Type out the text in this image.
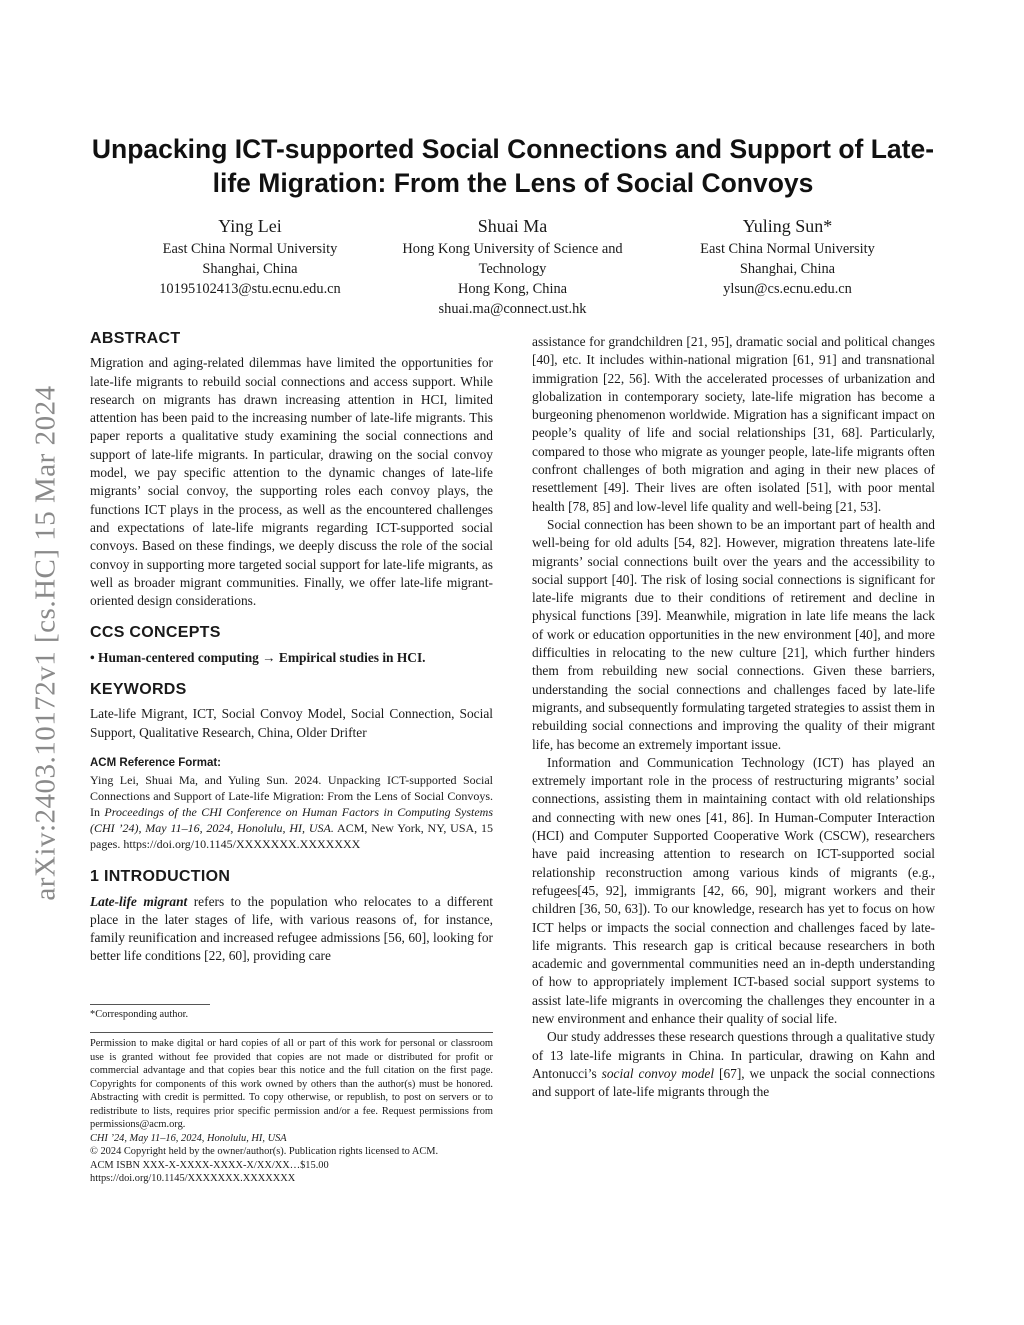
arXiv:2403.10172v1 [cs.HC] 15 Mar 2024
Unpacking ICT-supported Social Connections and Support of Late-life Migration: From the Lens of Social Convoys
Ying Lei
East China Normal University
Shanghai, China
10195102413@stu.ecnu.edu.cn
Shuai Ma
Hong Kong University of Science and
Technology
Hong Kong, China
shuai.ma@connect.ust.hk
Yuling Sun*
East China Normal University
Shanghai, China
ylsun@cs.ecnu.edu.cn
ABSTRACT

Migration and aging-related dilemmas have limited the opportunities for late-life migrants to rebuild social connections and access support. While research on migrants has drawn increasing attention in HCI, limited attention has been paid to the increasing number of late-life migrants. This paper reports a qualitative study examining the social connections and support of late-life migrants. In particular, drawing on the social convoy model, we pay specific attention to the dynamic changes of late-life migrants’ social convoy, the supporting roles each convoy plays, the functions ICT plays in the process, as well as the encountered challenges and expectations of late-life migrants regarding ICT-supported social convoys. Based on these findings, we deeply discuss the role of the social convoy in supporting more targeted social support for late-life migrants, as well as broader migrant communities. Finally, we offer late-life migrant-oriented design considerations.

CCS CONCEPTS

• Human-centered computing → Empirical studies in HCI.

KEYWORDS

Late-life Migrant, ICT, Social Convoy Model, Social Connection, Social Support, Qualitative Research, China, Older Drifter

ACM Reference Format:

Ying Lei, Shuai Ma, and Yuling Sun. 2024. Unpacking ICT-supported Social Connections and Support of Late-life Migration: From the Lens of Social Convoys. In Proceedings of the CHI Conference on Human Factors in Computing Systems (CHI ’24), May 11–16, 2024, Honolulu, HI, USA. ACM, New York, NY, USA, 15 pages. https://doi.org/10.1145/XXXXXXX.XXXXXXX

1 INTRODUCTION

Late-life migrant refers to the population who relocates to a different place in the later stages of life, with various reasons of, for instance, family reunification and increased refugee admissions [56, 60], looking for better life conditions [22, 60], providing care

*Corresponding author.

Permission to make digital or hard copies of all or part of this work for personal or classroom use is granted without fee provided that copies are not made or distributed for profit or commercial advantage and that copies bear this notice and the full citation on the first page. Copyrights for components of this work owned by others than the author(s) must be honored. Abstracting with credit is permitted. To copy otherwise, or republish, to post on servers or to redistribute to lists, requires prior specific permission and/or a fee. Request permissions from permissions@acm.org.

CHI ’24, May 11–16, 2024, Honolulu, HI, USA

© 2024 Copyright held by the owner/author(s). Publication rights licensed to ACM.

ACM ISBN XXX-X-XXXX-XXXX-X/XX/XX…$15.00

https://doi.org/10.1145/XXXXXXX.XXXXXXX

assistance for grandchildren [21, 95], dramatic social and political changes [40], etc. It includes within-national migration [61, 91] and transnational immigration [22, 56]. With the accelerated processes of urbanization and globalization in contemporary society, late-life migration has become a burgeoning phenomenon worldwide. Migration has a significant impact on people’s quality of life and social relationships [31, 68]. Particularly, compared to those who migrate as younger people, late-life migrants often confront challenges of both migration and aging in their new places of resettlement [49]. Their lives are often isolated [51], with poor mental health [78, 85] and low-level life quality and well-being [21, 53].

Social connection has been shown to be an important part of health and well-being for old adults [54, 82]. However, migration threatens late-life migrants’ social connections built over the years and the accessibility to social support [40]. The risk of losing social connections is significant for late-life migrants due to their conditions of retirement and decline in physical functions [39]. Meanwhile, migration in late life means the lack of work or education opportunities in the new environment [40], and more difficulties in relocating to the new culture [21], which further hinders them from rebuilding new social connections. Given these barriers, understanding the social connections and challenges faced by late-life migrants, and subsequently formulating targeted strategies to assist them in rebuilding social connections and improving the quality of their migrant life, has become an extremely important issue.

Information and Communication Technology (ICT) has played an extremely important role in the process of restructuring migrants’ social connections, assisting them in maintaining contact with old relationships and connecting with new ones [41, 86]. In Human-Computer Interaction (HCI) and Computer Supported Cooperative Work (CSCW), researchers have paid increasing attention to research on ICT-supported social relationship reconstruction among various kinds of migrants (e.g., refugees[45, 92], immigrants [42, 66, 90], migrant workers and their children [36, 50, 63]). To our knowledge, research has yet to focus on how ICT helps or impacts the social connection and challenges faced by late-life migrants. This research gap is critical because researchers in both academic and governmental communities need an in-depth understanding of how to appropriately implement ICT-based social support systems to assist late-life migrants in overcoming the challenges they encounter in a new environment and enhance their quality of social life.

Our study addresses these research questions through a qualitative study of 13 late-life migrants in China. In particular, drawing on Kahn and Antonucci’s social convoy model [67], we unpack the social connections and support of late-life migrants through the
